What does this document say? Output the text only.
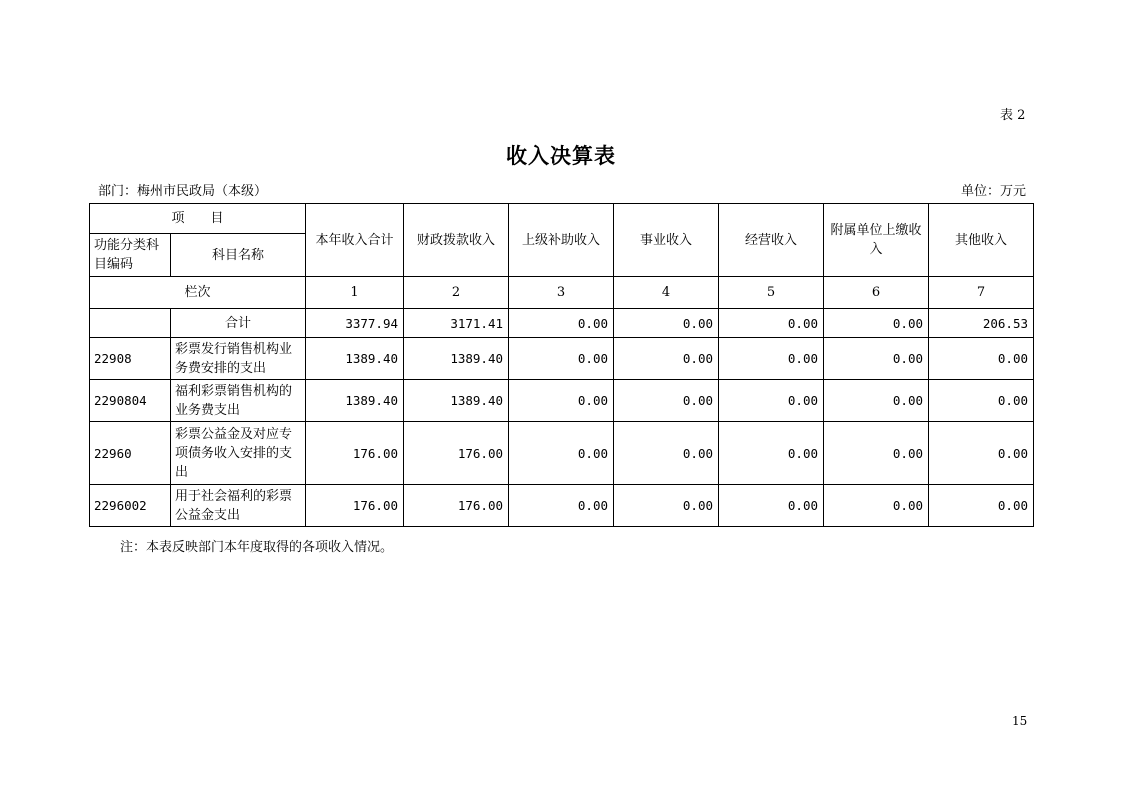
表 2
收入决算表
部门：梅州市民政局（本级）	单位：万元
项　　目		本年收入合计	财政拨款收入	上级补助收入	事业收入	经营收入	附属单位上缴收入	其他收入
功能分类科目编码	科目名称							
栏次		1	2	3	4	5	6	7
	合计	3377.94	3171.41	0.00	0.00	0.00	0.00	206.53
22908	彩票发行销售机构业务费安排的支出	1389.40	1389.40	0.00	0.00	0.00	0.00	0.00
2290804	福利彩票销售机构的业务费支出	1389.40	1389.40	0.00	0.00	0.00	0.00	0.00
22960	彩票公益金及对应专项债务收入安排的支出	176.00	176.00	0.00	0.00	0.00	0.00	0.00
2296002	用于社会福利的彩票公益金支出	176.00	176.00	0.00	0.00	0.00	0.00	0.00
注：本表反映部门本年度取得的各项收入情况。
15
